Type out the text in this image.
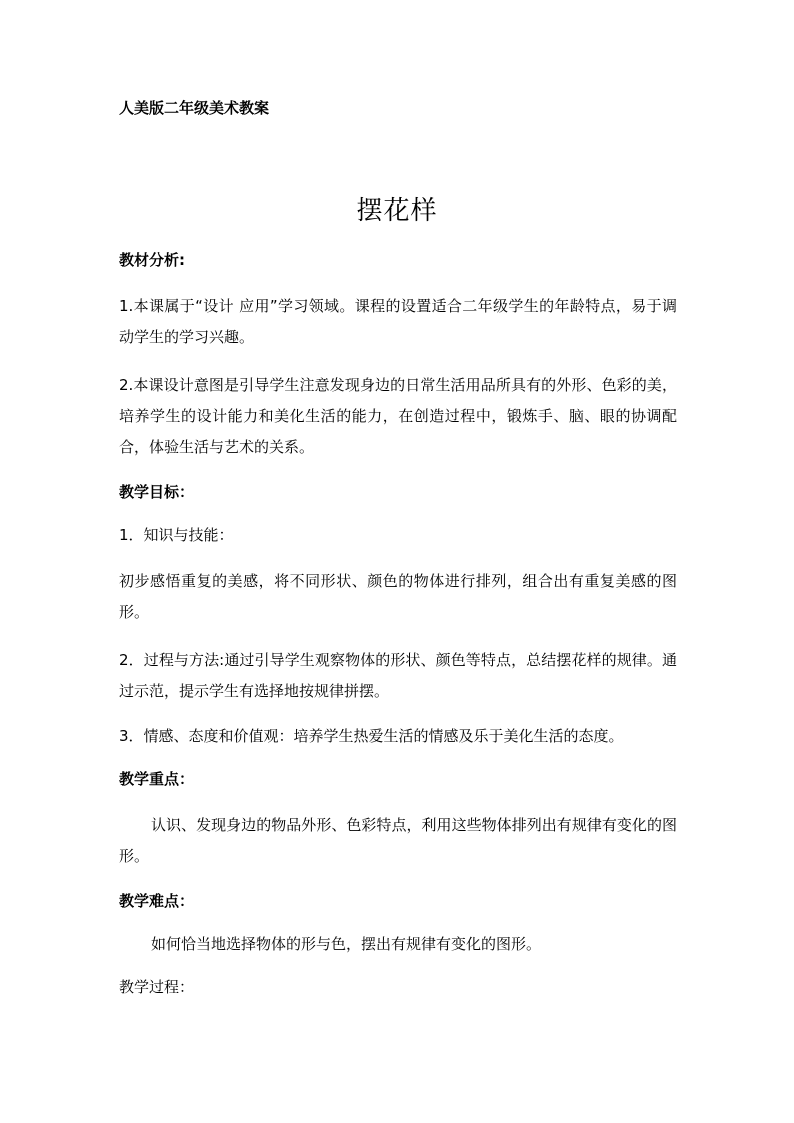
人美版二年级美术教案
摆花样
教材分析:
1.本课属于“设计 应用”学习领域。课程的设置适合二年级学生的年龄特点，易于调动学生的学习兴趣。
2.本课设计意图是引导学生注意发现身边的日常生活用品所具有的外形、色彩的美，培养学生的设计能力和美化生活的能力，在创造过程中，锻炼手、脑、眼的协调配合，体验生活与艺术的关系。
教学目标：
1．知识与技能：
初步感悟重复的美感，将不同形状、颜色的物体进行排列，组合出有重复美感的图形。
2．过程与方法:通过引导学生观察物体的形状、颜色等特点，总结摆花样的规律。通过示范，提示学生有选择地按规律拼摆。
3．情感、态度和价值观：培养学生热爱生活的情感及乐于美化生活的态度。
教学重点：
认识、发现身边的物品外形、色彩特点，利用这些物体排列出有规律有变化的图形。
教学难点：
如何恰当地选择物体的形与色，摆出有规律有变化的图形。
教学过程：
